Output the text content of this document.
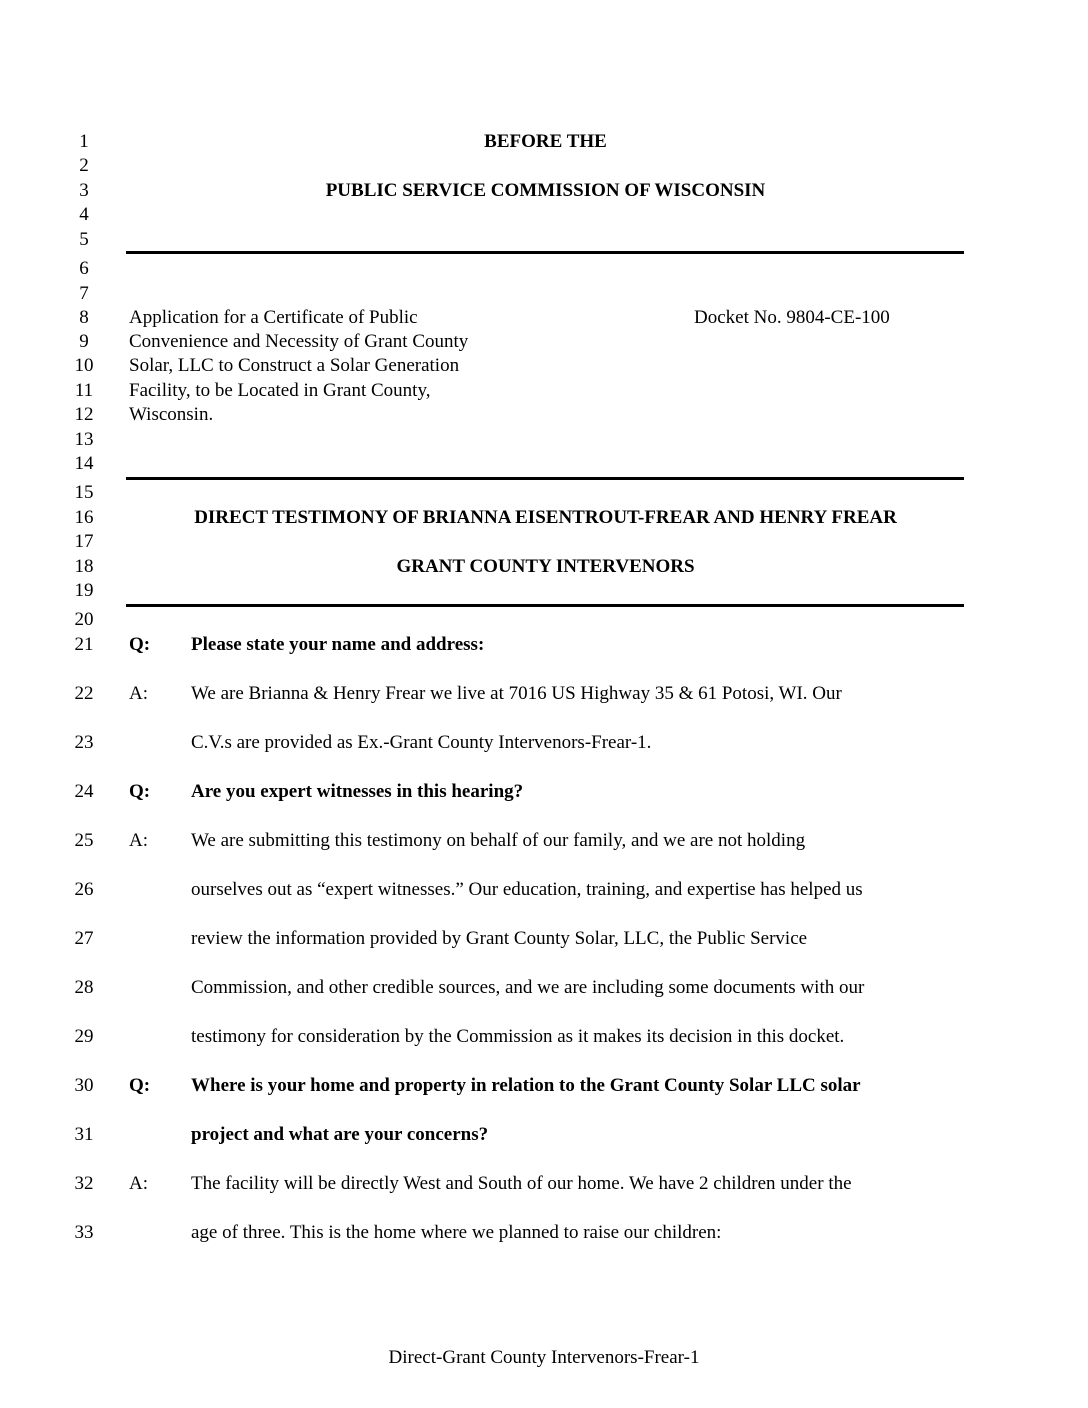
1
2
3
4
5
6
7
8
9
10
11
12
13
14
15
16
17
18
19
20
21
22
23
24
25
26
27
28
29
30
31
32
33
BEFORE THE
PUBLIC SERVICE COMMISSION OF WISCONSIN
Application for a Certificate of Public
Convenience and Necessity of Grant County
Solar, LLC to Construct a Solar Generation
Facility, to be Located in Grant County,
Wisconsin.
Docket No. 9804-CE-100
DIRECT TESTIMONY OF BRIANNA EISENTROUT-FREAR AND HENRY FREAR
GRANT COUNTY INTERVENORS
Q: Please state your name and address:
A: We are Brianna & Henry Frear we live at 7016 US Highway 35 & 61 Potosi, WI. Our
C.V.s are provided as Ex.-Grant County Intervenors-Frear-1.
Q: Are you expert witnesses in this hearing?
A: We are submitting this testimony on behalf of our family, and we are not holding
ourselves out as “expert witnesses.” Our education, training, and expertise has helped us
review the information provided by Grant County Solar, LLC, the Public Service
Commission, and other credible sources, and we are including some documents with our
testimony for consideration by the Commission as it makes its decision in this docket.
Q: Where is your home and property in relation to the Grant County Solar LLC solar
project and what are your concerns?
A: The facility will be directly West and South of our home. We have 2 children under the
age of three. This is the home where we planned to raise our children:
Direct-Grant County Intervenors-Frear-1
